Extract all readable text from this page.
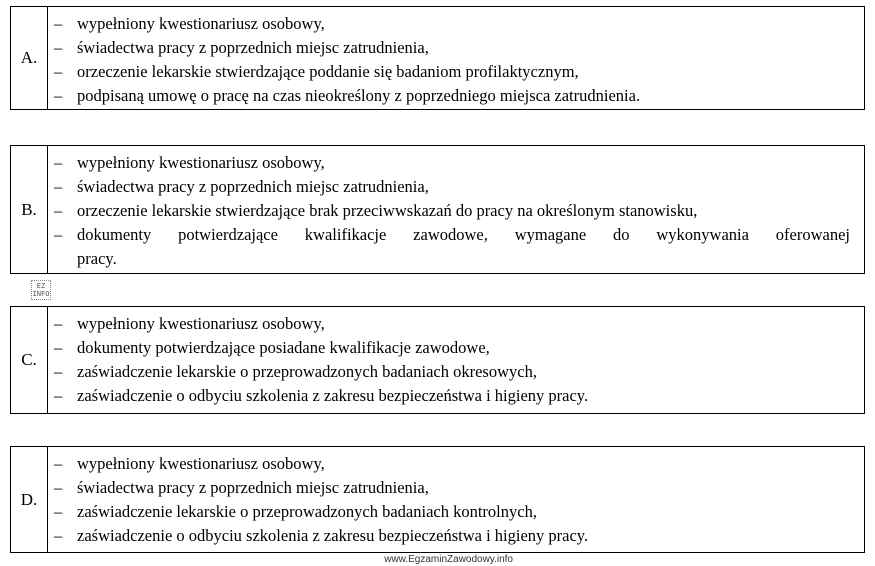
A.
– wypełniony kwestionariusz osobowy,
– świadectwa pracy z poprzednich miejsc zatrudnienia,
– orzeczenie lekarskie stwierdzające poddanie się badaniom profilaktycznym,
– podpisaną umowę o pracę na czas nieokreślony z poprzedniego miejsca zatrudnienia.
B.
– wypełniony kwestionariusz osobowy,
– świadectwa pracy z poprzednich miejsc zatrudnienia,
– orzeczenie lekarskie stwierdzające brak przeciwwskazań do pracy na określonym stanowisku,
– dokumenty potwierdzające kwalifikacje zawodowe, wymagane do wykonywania oferowanej
pracy.
EZ
INFO
C.
– wypełniony kwestionariusz osobowy,
– dokumenty potwierdzające posiadane kwalifikacje zawodowe,
– zaświadczenie lekarskie o przeprowadzonych badaniach okresowych,
– zaświadczenie o odbyciu szkolenia z zakresu bezpieczeństwa i higieny pracy.
D.
– wypełniony kwestionariusz osobowy,
– świadectwa pracy z poprzednich miejsc zatrudnienia,
– zaświadczenie lekarskie o przeprowadzonych badaniach kontrolnych,
– zaświadczenie o odbyciu szkolenia z zakresu bezpieczeństwa i higieny pracy.
www.EgzaminZawodowy.info
